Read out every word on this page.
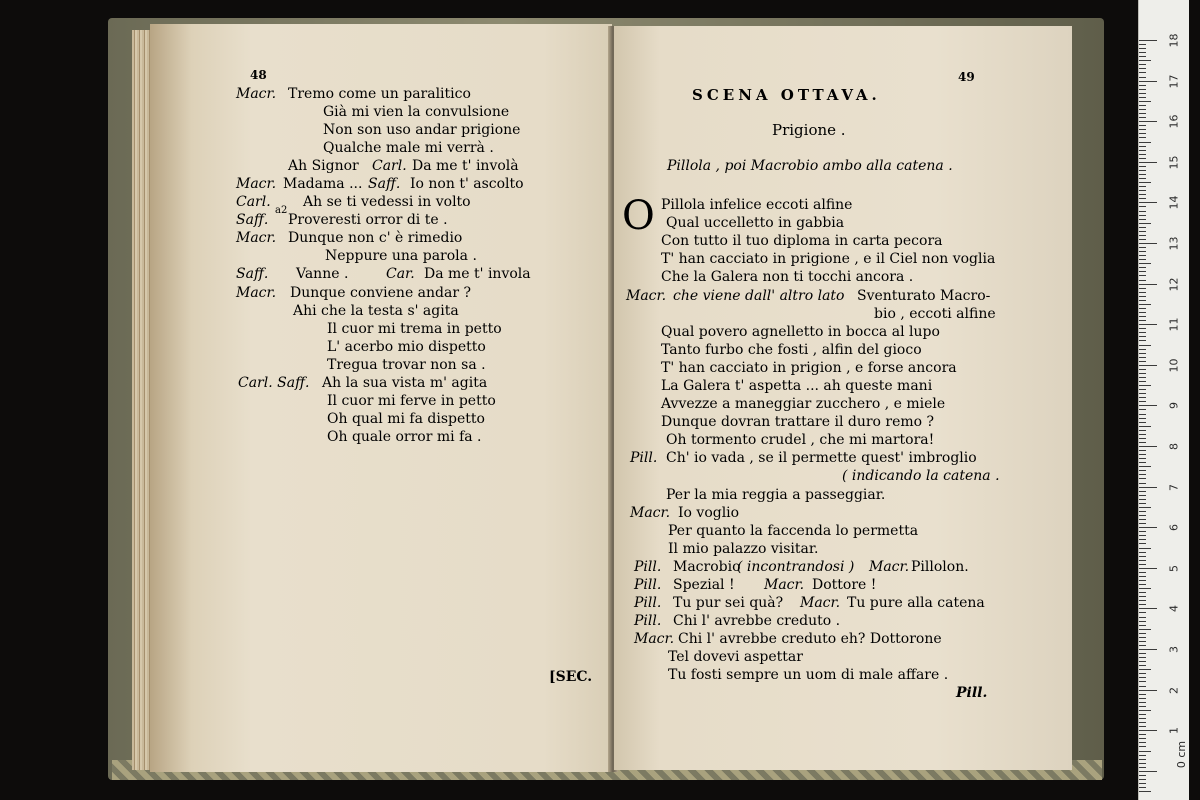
48
Macr. Tremo come un paralitico
Già mi vien la convulsione
Non son uso andar prigione
Qualche male mi verrà .
Ah Signor Carl. Da me t' involà
Macr. Madama ... Saff. Io non t' ascolto
Carl. Ah se ti vedessi in volto
Saff. Proveresti orror di te .
a2
Macr. Dunque non c' è rimedio
Neppure una parola .
Saff. Vanne .	Car. Da me t' invola
Macr. Dunque conviene andar ?
Ahi che la testa s' agita
Il cuor mi trema in petto
L' acerbo mio dispetto
Tregua trovar non sa .
Carl. Saff. Ah la sua vista m' agita
Il cuor mi ferve in petto
Oh qual mi fa dispetto
Oh quale orror mi fa .
[SEC.
49
SCENA OTTAVA.
Prigione .
Pillola , poi Macrobio ambo alla catena .
O Pillola infelice eccoti alfine
Qual uccelletto in gabbia
Con tutto il tuo diploma in carta pecora
T' han cacciato in prigione , e il Ciel non voglia
Che la Galera non ti tocchi ancora .
Macr. che viene dall' altro lato Sventurato Macro-
bio , eccoti alfine
Qual povero agnelletto in bocca al lupo
Tanto furbo che fosti , alfin del gioco
T' han cacciato in prigion , e forse ancora
La Galera t' aspetta ... ah queste mani
Avvezze a maneggiar zucchero , e miele
Dunque dovran trattare il duro remo ?
Oh tormento crudel , che mi martora!
Pill. Ch' io vada , se il permette quest' imbroglio
( indicando la catena .
Per la mia reggia a passeggiar.
Macr. Io voglio
Per quanto la faccenda lo permetta
Il mio palazzo visitar.
Pill. Macrobio
( incontrandosi ) Macr. Pillolon.
Pill. Spezial ! Macr. Dottore !
Pill. Tu pur sei quà? Macr. Tu pure alla catena
Pill. Chi l' avrebbe creduto .
Macr. Chi l' avrebbe creduto eh? Dottorone
Tel dovevi aspettar
Tu fosti sempre un uom di male affare .
Pill.
18
17
16
15
14
13
12
11
10
9
8
7
6
5
4
3
2
1
0 cm
